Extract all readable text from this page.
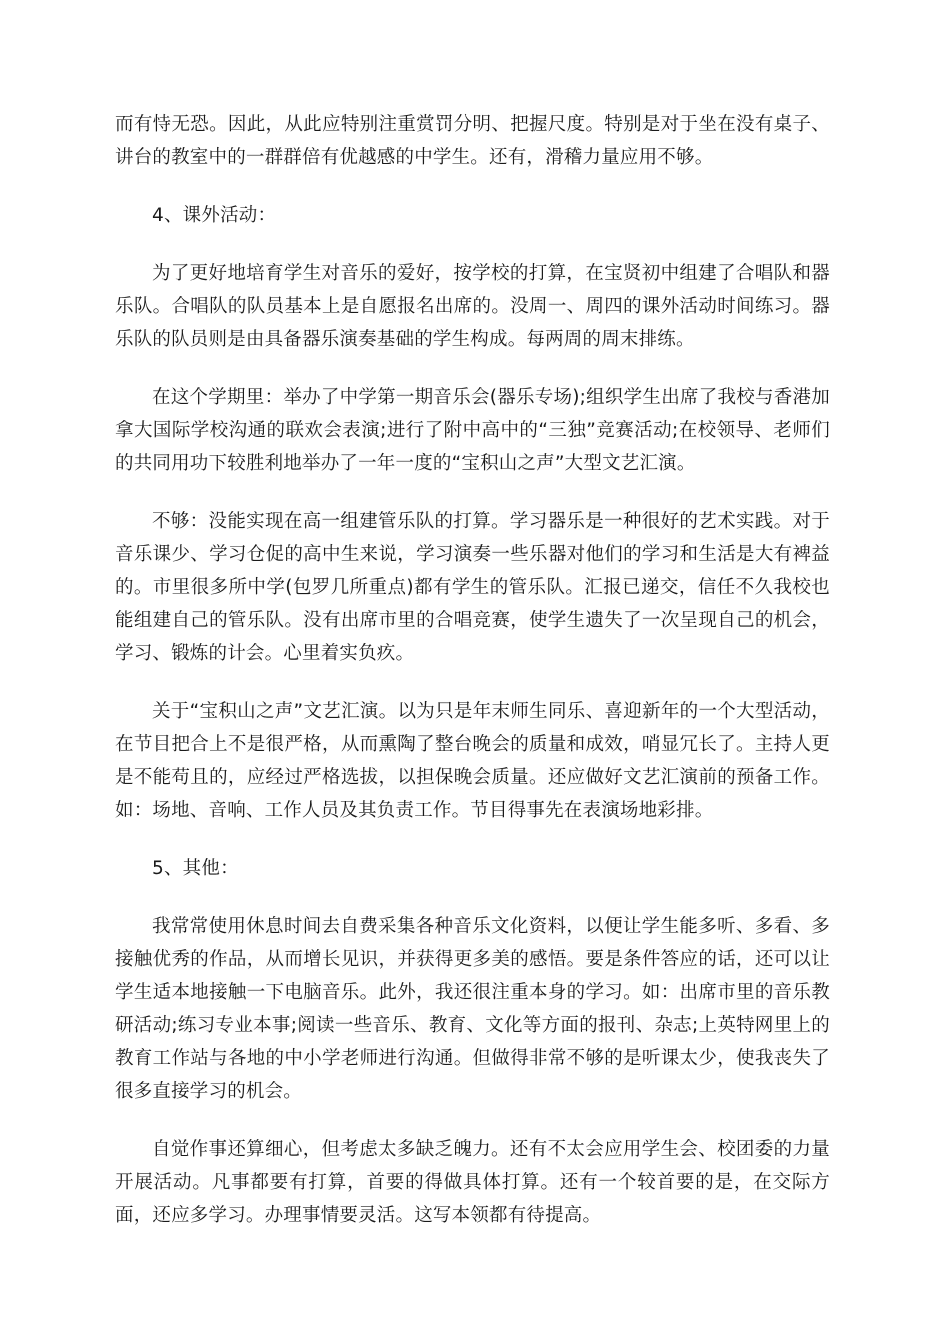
而有恃无恐。因此，从此应特别注重赏罚分明、把握尺度。特别是对于坐在没有桌子、讲台的教室中的一群群倍有优越感的中学生。还有，滑稽力量应用不够。

4、课外活动：

为了更好地培育学生对音乐的爱好，按学校的打算，在宝贤初中组建了合唱队和器乐队。合唱队的队员基本上是自愿报名出席的。没周一、周四的课外活动时间练习。器乐队的队员则是由具备器乐演奏基础的学生构成。每两周的周末排练。

在这个学期里：举办了中学第一期音乐会(器乐专场);组织学生出席了我校与香港加拿大国际学校沟通的联欢会表演;进行了附中高中的“三独”竞赛活动;在校领导、老师们的共同用功下较胜利地举办了一年一度的“宝积山之声”大型文艺汇演。

不够：没能实现在高一组建管乐队的打算。学习器乐是一种很好的艺术实践。对于音乐课少、学习仓促的高中生来说，学习演奏一些乐器对他们的学习和生活是大有裨益的。市里很多所中学(包罗几所重点)都有学生的管乐队。汇报已递交，信任不久我校也能组建自己的管乐队。没有出席市里的合唱竞赛，使学生遗失了一次呈现自己的机会，学习、锻炼的计会。心里着实负疚。

关于“宝积山之声”文艺汇演。以为只是年末师生同乐、喜迎新年的一个大型活动，在节目把合上不是很严格，从而熏陶了整台晚会的质量和成效，哨显冗长了。主持人更是不能苟且的，应经过严格选拔，以担保晚会质量。还应做好文艺汇演前的预备工作。如：场地、音响、工作人员及其负责工作。节目得事先在表演场地彩排。

5、其他：

我常常使用休息时间去自费采集各种音乐文化资料，以便让学生能多听、多看、多接触优秀的作品，从而增长见识，并获得更多美的感悟。要是条件答应的话，还可以让学生适本地接触一下电脑音乐。此外，我还很注重本身的学习。如：出席市里的音乐教研活动;练习专业本事;阅读一些音乐、教育、文化等方面的报刊、杂志;上英特网里上的教育工作站与各地的中小学老师进行沟通。但做得非常不够的是听课太少，使我丧失了很多直接学习的机会。

自觉作事还算细心，但考虑太多缺乏魄力。还有不太会应用学生会、校团委的力量开展活动。凡事都要有打算，首要的得做具体打算。还有一个较首要的是，在交际方面，还应多学习。办理事情要灵活。这写本领都有待提高。
